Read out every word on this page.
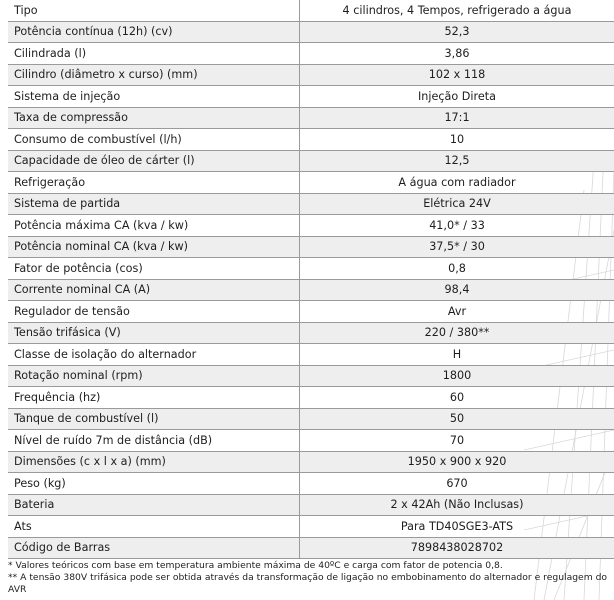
Tipo	4 cilindros, 4 Tempos, refrigerado a água
Potência contínua (12h) (cv)	52,3
Cilindrada (l)	3,86
Cilindro (diâmetro x curso) (mm)	102 x 118
Sistema de injeção	Injeção Direta
Taxa de compressão	17:1
Consumo de combustível (l/h)	10
Capacidade de óleo de cárter (l)	12,5
Refrigeração	A água com radiador
Sistema de partida	Elétrica 24V
Potência máxima CA (kva / kw)	41,0* / 33
Potência nominal CA (kva / kw)	37,5* / 30
Fator de potência (cos)	0,8
Corrente nominal CA (A)	98,4
Regulador de tensão	Avr
Tensão trifásica (V)	220 / 380**
Classe de isolação do alternador	H
Rotação nominal (rpm)	1800
Frequência (hz)	60
Tanque de combustível (l)	50
Nível de ruído 7m de distância (dB)	70
Dimensões (c x l x a) (mm)	1950 x 900 x 920
Peso (kg)	670
Bateria	2 x 42Ah (Não Inclusas)
Ats	Para TD40SGE3-ATS
Código de Barras	7898438028702
* Valores teóricos com base em temperatura ambiente máxima de 40ºC e carga com fator de potencia 0,8.
** A tensão 380V trifásica pode ser obtida através da transformação de ligação no embobinamento do alternador e regulagem do AVR
